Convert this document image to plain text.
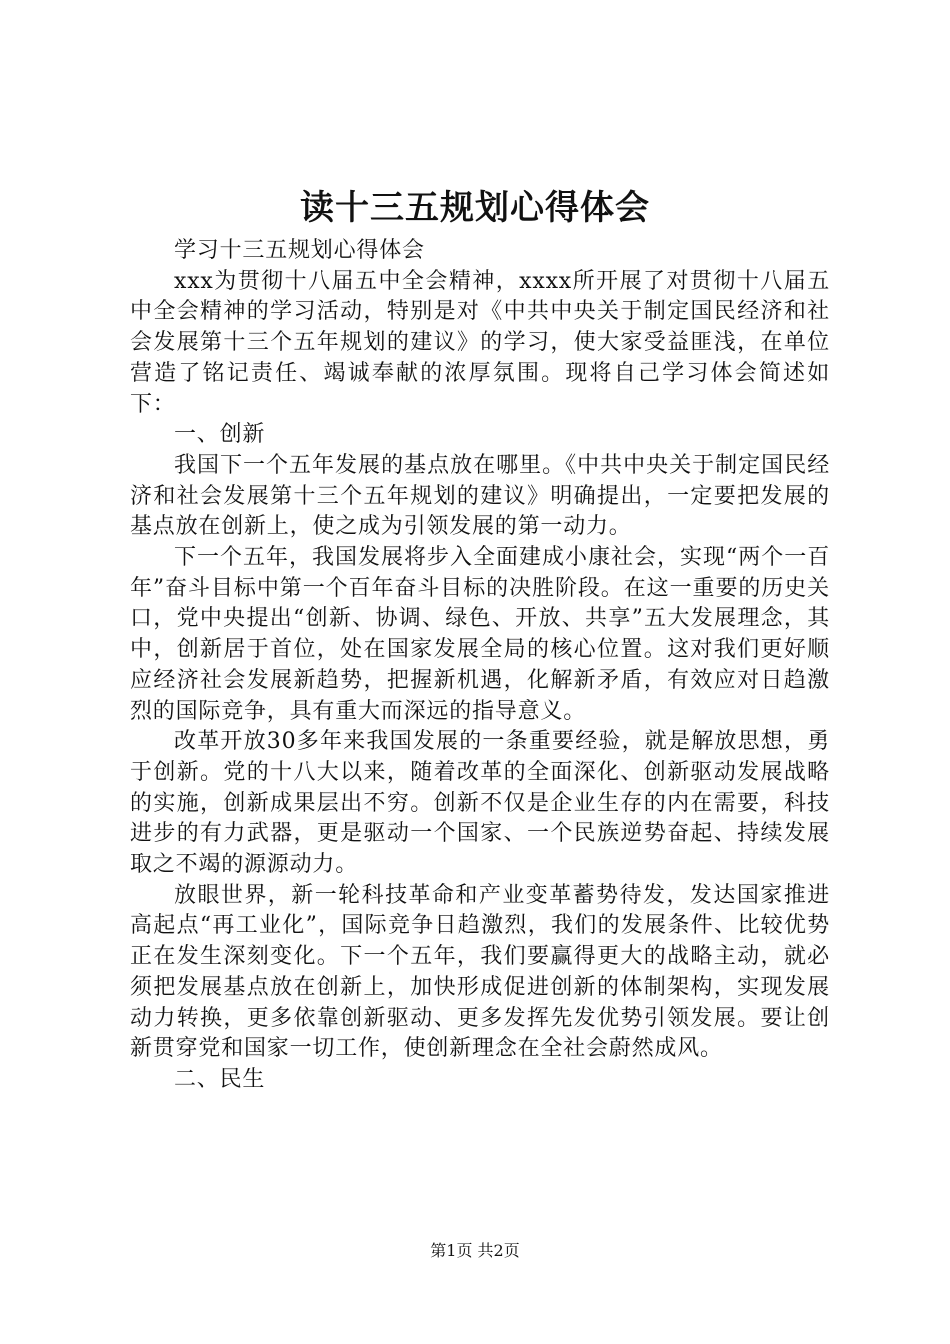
读十三五规划心得体会

学习十三五规划心得体会

xxx为贯彻十八届五中全会精神，xxxx所开展了对贯彻十八届五中全会精神的学习活动，特别是对《中共中央关于制定国民经济和社会发展第十三个五年规划的建议》的学习，使大家受益匪浅，在单位营造了铭记责任、竭诚奉献的浓厚氛围。现将自己学习体会简述如下：

一、创新

我国下一个五年发展的基点放在哪里。《中共中央关于制定国民经济和社会发展第十三个五年规划的建议》明确提出，一定要把发展的基点放在创新上，使之成为引领发展的第一动力。

下一个五年，我国发展将步入全面建成小康社会，实现“两个一百年”奋斗目标中第一个百年奋斗目标的决胜阶段。在这一重要的历史关口，党中央提出“创新、协调、绿色、开放、共享”五大发展理念，其中，创新居于首位，处在国家发展全局的核心位置。这对我们更好顺应经济社会发展新趋势，把握新机遇，化解新矛盾，有效应对日趋激烈的国际竞争，具有重大而深远的指导意义。

改革开放30多年来我国发展的一条重要经验，就是解放思想，勇于创新。党的十八大以来，随着改革的全面深化、创新驱动发展战略的实施，创新成果层出不穷。创新不仅是企业生存的内在需要，科技进步的有力武器，更是驱动一个国家、一个民族逆势奋起、持续发展取之不竭的源源动力。

放眼世界，新一轮科技革命和产业变革蓄势待发，发达国家推进高起点“再工业化”，国际竞争日趋激烈，我们的发展条件、比较优势正在发生深刻变化。下一个五年，我们要赢得更大的战略主动，就必须把发展基点放在创新上，加快形成促进创新的体制架构，实现发展动力转换，更多依靠创新驱动、更多发挥先发优势引领发展。要让创新贯穿党和国家一切工作，使创新理念在全社会蔚然成风。

二、民生

第1页 共2页
